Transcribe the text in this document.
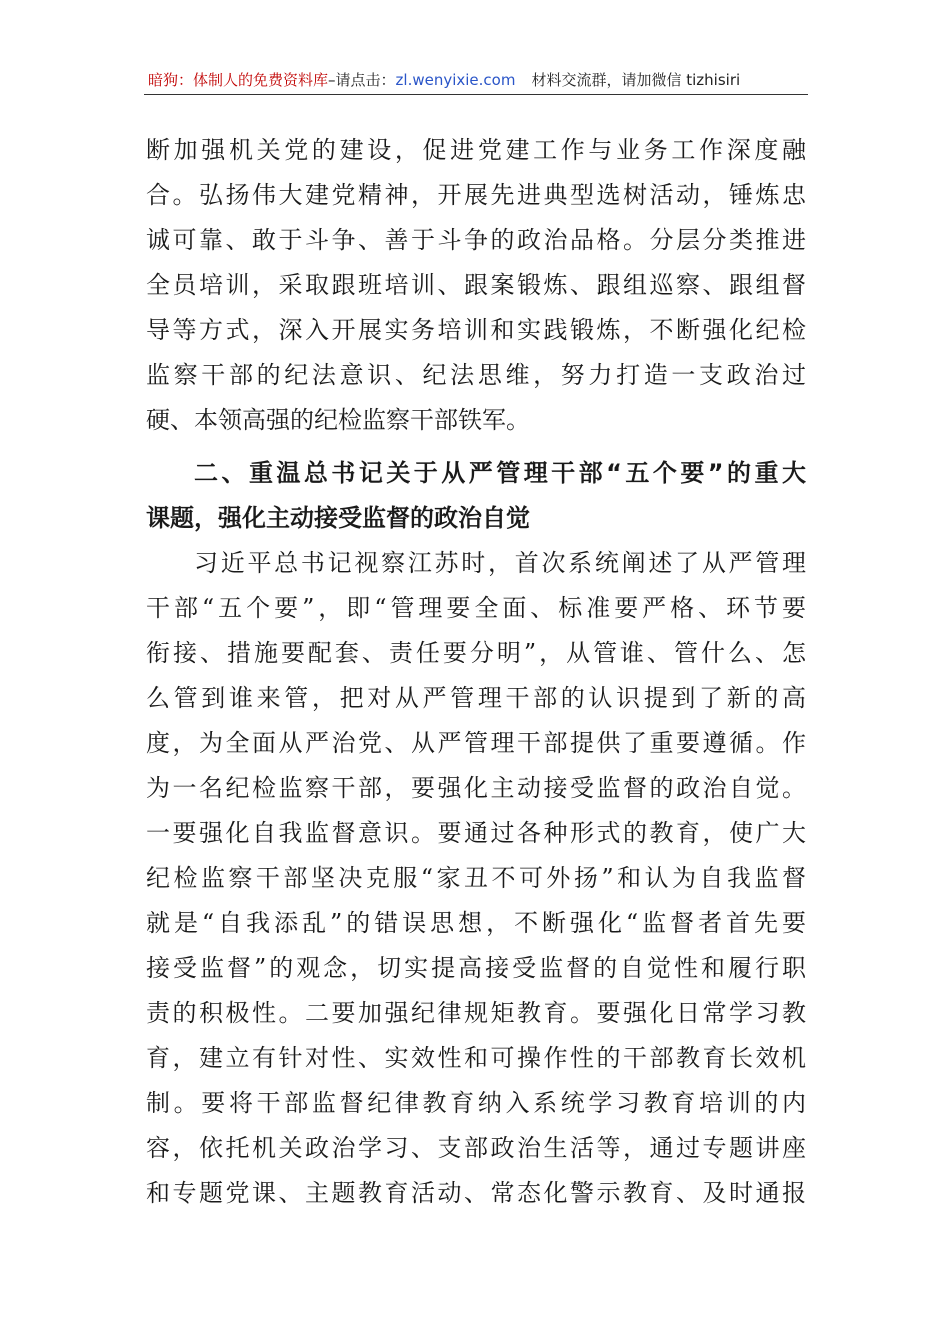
暗狗：体制人的免费资料库–请点击：zl.wenyixie.com 材料交流群，请加微信 tizhisiri
断加强机关党的建设，促进党建工作与业务工作深度融
合。弘扬伟大建党精神，开展先进典型选树活动，锤炼忠
诚可靠、敢于斗争、善于斗争的政治品格。分层分类推进
全员培训，采取跟班培训、跟案锻炼、跟组巡察、跟组督
导等方式，深入开展实务培训和实践锻炼，不断强化纪检
监察干部的纪法意识、纪法思维，努力打造一支政治过
硬、本领高强的纪检监察干部铁军。
二、重温总书记关于从严管理干部“五个要”的重大
课题，强化主动接受监督的政治自觉
习近平总书记视察江苏时，首次系统阐述了从严管理
干部“五个要”，即“管理要全面、标准要严格、环节要
衔接、措施要配套、责任要分明”，从管谁、管什么、怎
么管到谁来管，把对从严管理干部的认识提到了新的高
度，为全面从严治党、从严管理干部提供了重要遵循。作
为一名纪检监察干部，要强化主动接受监督的政治自觉。
一要强化自我监督意识。要通过各种形式的教育，使广大
纪检监察干部坚决克服“家丑不可外扬”和认为自我监督
就是“自我添乱”的错误思想，不断强化“监督者首先要
接受监督”的观念，切实提高接受监督的自觉性和履行职
责的积极性。二要加强纪律规矩教育。要强化日常学习教
育，建立有针对性、实效性和可操作性的干部教育长效机
制。要将干部监督纪律教育纳入系统学习教育培训的内
容，依托机关政治学习、支部政治生活等，通过专题讲座
和专题党课、主题教育活动、常态化警示教育、及时通报
